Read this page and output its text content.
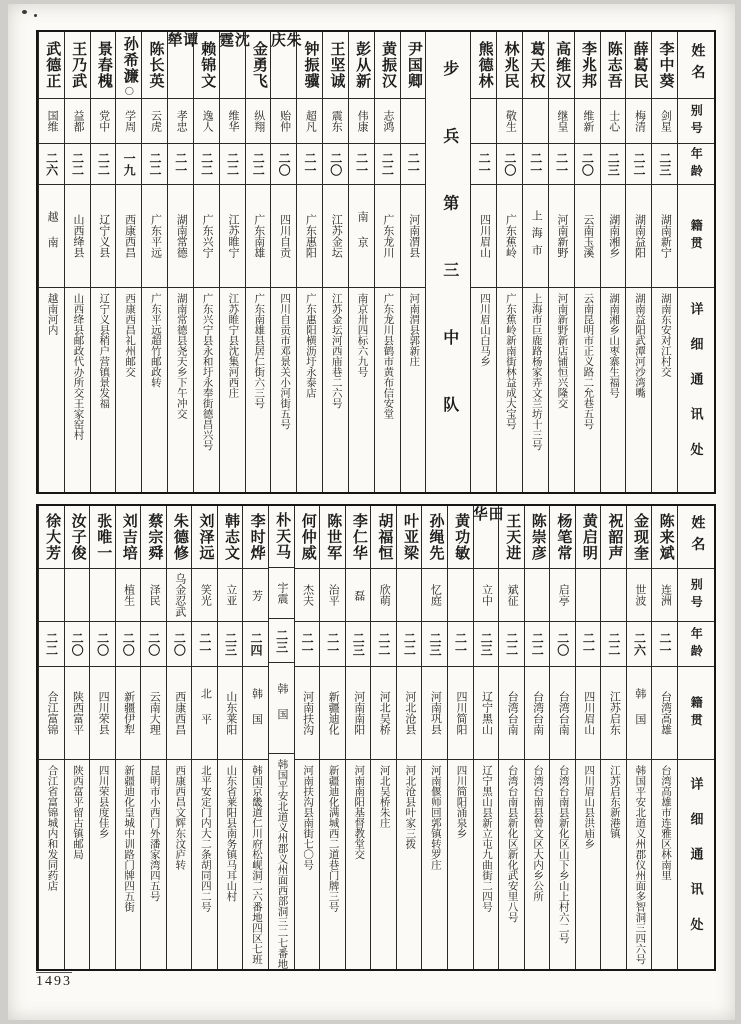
姓名
别号
年龄
籍贯
详细通讯处
李中葵
剑星
二三
湖南新宁
湖南东安对江村交
薛葛民
梅清
二二
湖南益阳
湖南益阳武潭河沙湾嘴
陈志吾
士心
二三
湖南湘乡
湖南湘乡山枣寨生福号
李兆邦
维新
二〇
云南玉溪
云南昆明市正义路二允巷五号
高维汉
继皇
二一
河南新野
河南新野新店铺恒兴隆交
葛天权
二一
上海市
上海市巨鹿路杨家弄文兰坊十三号
林兆民
敬生
二〇
广东蕉岭
广东蕉岭新南街林益成大宝号
熊德林
二一
四川眉山
四川眉山白马乡
步兵第三中队
尹国卿
二一
河南渭县
河南渭县郭新庄
黄振汉
志鸿
二二
广东龙川
广东龙川县鹤市黄布信安堂
彭从新
伟康
二一
南京
南京卅四标六九号
王坚诚
震东
二〇
江苏金坛
江苏金坛河西庙巷二六号
钟振骥
超凡
二一
广东惠阳
广东惠阳横沥圩永泰店
朱庆
贻仲
二〇
四川自贡
四川自贡市邓景关小河街五号
金勇飞
纵翔
二二
广东南雄
广东南雄县居仁街六三号
沈霆
维华
二二
江苏睢宁
江苏睢宁县沈集河西庄
赖锦文
逸人
二二
广东兴宁
广东兴宁县永和圩永奉街德昌兴号
谭犖
孝忠
二一
湖南常德
湖南常德县尧天乡下午冲交
陈长英
云虎
二二
广东平远
广东平远超竹邮政转
孙希濂
◯
学周
一九
西康西昌
西康西昌礼州邮交
景春槐
党中
二二
辽宁义县
辽宁义县稍户营镇景发福
王乃武
益都
二二
山西绛县
山西绛县邮政代办所交王家窑村
武德正
国维
二六
越南
越南河内
姓名
别号
年龄
籍贯
详细通讯处
陈来斌
连洲
二一
台湾高雄
台湾高雄市连雅区林南里
金现奎
世波
二六
韩国
韩国平安北道义州郡仪州面多智洞三四六号
祝韶声
二二
江苏启东
江苏启东新港镇
黄启明
二一
四川眉山
四川眉山县洪庙乡
杨笔常
启亭
二〇
台湾台南
台湾台南县新化区山下乡山上村六二号
陈崇彦
二二
台湾台南
台湾台南县曾文区大内乡公所
王天进
斌征
二二
台湾台南
台湾台南县新化区新化武安里八号
田华
立中
二三
辽宁黑山
辽宁黑山县新立屯九曲街二四号
黄功敏
二一
四川简阳
四川简阳涌泉乡
孙绳先
忆庭
二三
河南巩县
河南偃师回郭镇转罗庄
叶亚梁
二二
河北沧县
河北沧县叶家三拨
胡福恒
欣萌
二二
河北吴桥
河北吴桥朱庄
李仁华
磊
二三
河南南阳
河南南阳基督教堂交
陈世军
治平
二一
新疆迪化
新疆迪化满城西二道巷门牌三号
何仲威
杰夫
二一
河南扶沟
河南扶沟县南街七〇号
朴天马
宇震
二三
韩国
韩国平安北道义州郡义州面西部洞三二七番地
李时烨
芳
二四
韩国
韩国京畿道仁川府松岘洞二六番地四区七班
韩志文
立亚
二三
山东莱阳
山东省莱阳县南务镇马耳山村
刘泽远
笑光
二一
北平
北平安定门内大二条胡同四二号
朱德修
乌金忍武
二〇
西康西昌
西康西昌文辉东汶庐转
蔡宗舜
泽民
二〇
云南大理
昆明市小西门外潘家湾四五号
刘吉培
植生
二〇
新疆伊犁
新疆迪化皇城中训路门牌四五街
张唯一
二〇
四川荣县
四川荣县度佳乡
汝子俊
二〇
陕西富平
陕西富平留古镇邮局
徐大芳
二二
合江富锦
合江省富锦城内和发同药店
1493
